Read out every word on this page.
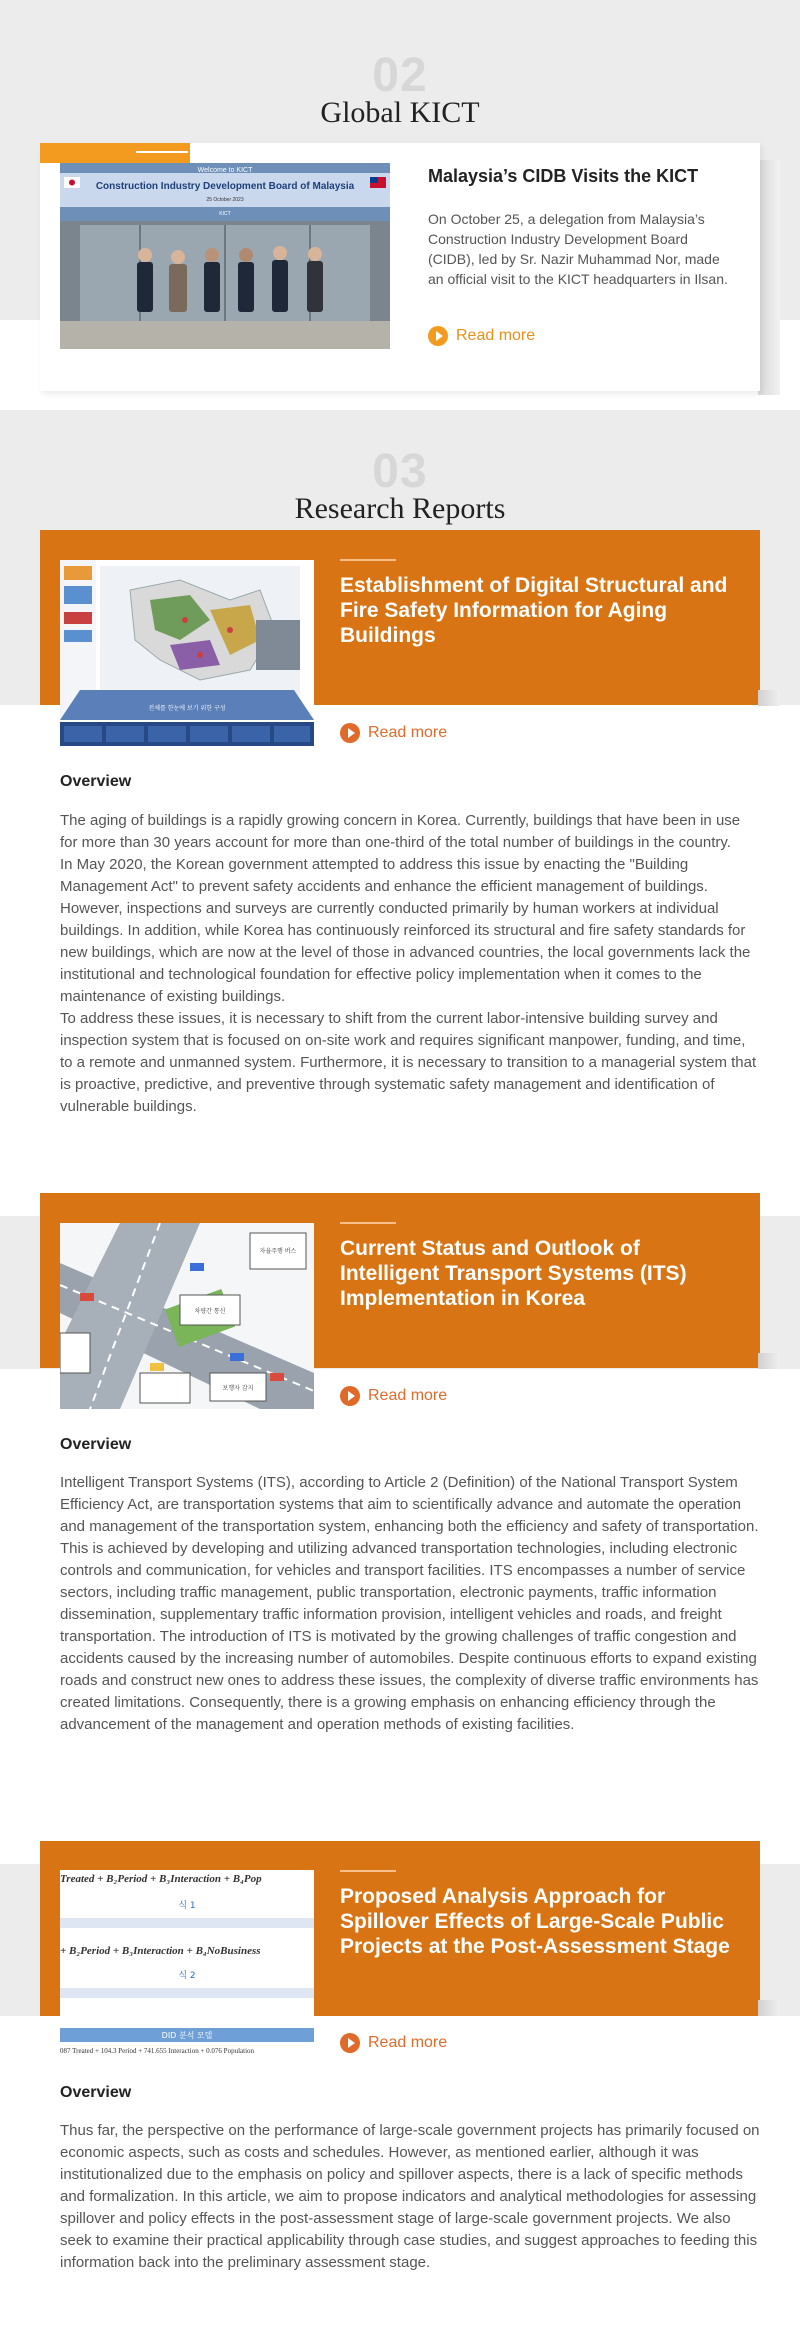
02
Global KICT
Welcome to KICT
Construction Industry Development Board of Malaysia
25 October 2023
KICT
Malaysia’s CIDB Visits the KICT
On October 25, a delegation from Malaysia’s Construction Industry Development Board (CIDB), led by Sr. Nazir Muhammad Nor, made an official visit to the KICT headquarters in Ilsan.
Read more
03
Research Reports
전체를 한눈에 보기 위한 구성
Establishment of Digital Structural and Fire Safety Information for Aging Buildings
Read more
Overview

The aging of buildings is a rapidly growing concern in Korea. Currently, buildings that have been in use for more than 30 years account for more than one-third of the total number of buildings in the country.

In May 2020, the Korean government attempted to address this issue by enacting the "Building Management Act" to prevent safety accidents and enhance the efficient management of buildings. However, inspections and surveys are currently conducted primarily by human workers at individual buildings. In addition, while Korea has continuously reinforced its structural and fire safety standards for new buildings, which are now at the level of those in advanced countries, the local governments lack the institutional and technological foundation for effective policy implementation when it comes to the maintenance of existing buildings.

To address these issues, it is necessary to shift from the current labor-intensive building survey and inspection system that is focused on on-site work and requires significant manpower, funding, and time, to a remote and unmanned system. Furthermore, it is necessary to transition to a managerial system that is proactive, predictive, and preventive through systematic safety management and identification of vulnerable buildings.

자율주행 버스
차량간 통신
보행자 감지
Current Status and Outlook of Intelligent Transport Systems (ITS) Implementation in Korea
Read more
Overview

Intelligent Transport Systems (ITS), according to Article 2 (Definition) of the National Transport System Efficiency Act, are transportation systems that aim to scientifically advance and automate the operation and management of the transportation system, enhancing both the efficiency and safety of transportation. This is achieved by developing and utilizing advanced transportation technologies, including electronic controls and communication, for vehicles and transport facilities. ITS encompasses a number of service sectors, including traffic management, public transportation, electronic payments, traffic information dissemination, supplementary traffic information provision, intelligent vehicles and roads, and freight transportation. The introduction of ITS is motivated by the growing challenges of traffic congestion and accidents caused by the increasing number of automobiles. Despite continuous efforts to expand existing roads and construct new ones to address these issues, the complexity of diverse traffic environments has created limitations. Consequently, there is a growing emphasis on enhancing efficiency through the advancement of the management and operation methods of existing facilities.

Treated + B₂Period + B₃Interaction + B₄Pop
식 1
+ B₂Period + B₃Interaction + B₄NoBusiness
식 2
DID 분석 모델
087 Treated + 104.3 Period + 741.655 Interaction + 0.076 Population
Proposed Analysis Approach for Spillover Effects of Large-Scale Public Projects at the Post-Assessment Stage
Read more
Overview

Thus far, the perspective on the performance of large-scale government projects has primarily focused on economic aspects, such as costs and schedules. However, as mentioned earlier, although it was institutionalized due to the emphasis on policy and spillover aspects, there is a lack of specific methods and formalization. In this article, we aim to propose indicators and analytical methodologies for assessing spillover and policy effects in the post-assessment stage of large-scale government projects. We also seek to examine their practical applicability through case studies, and suggest approaches to feeding this information back into the preliminary assessment stage.
